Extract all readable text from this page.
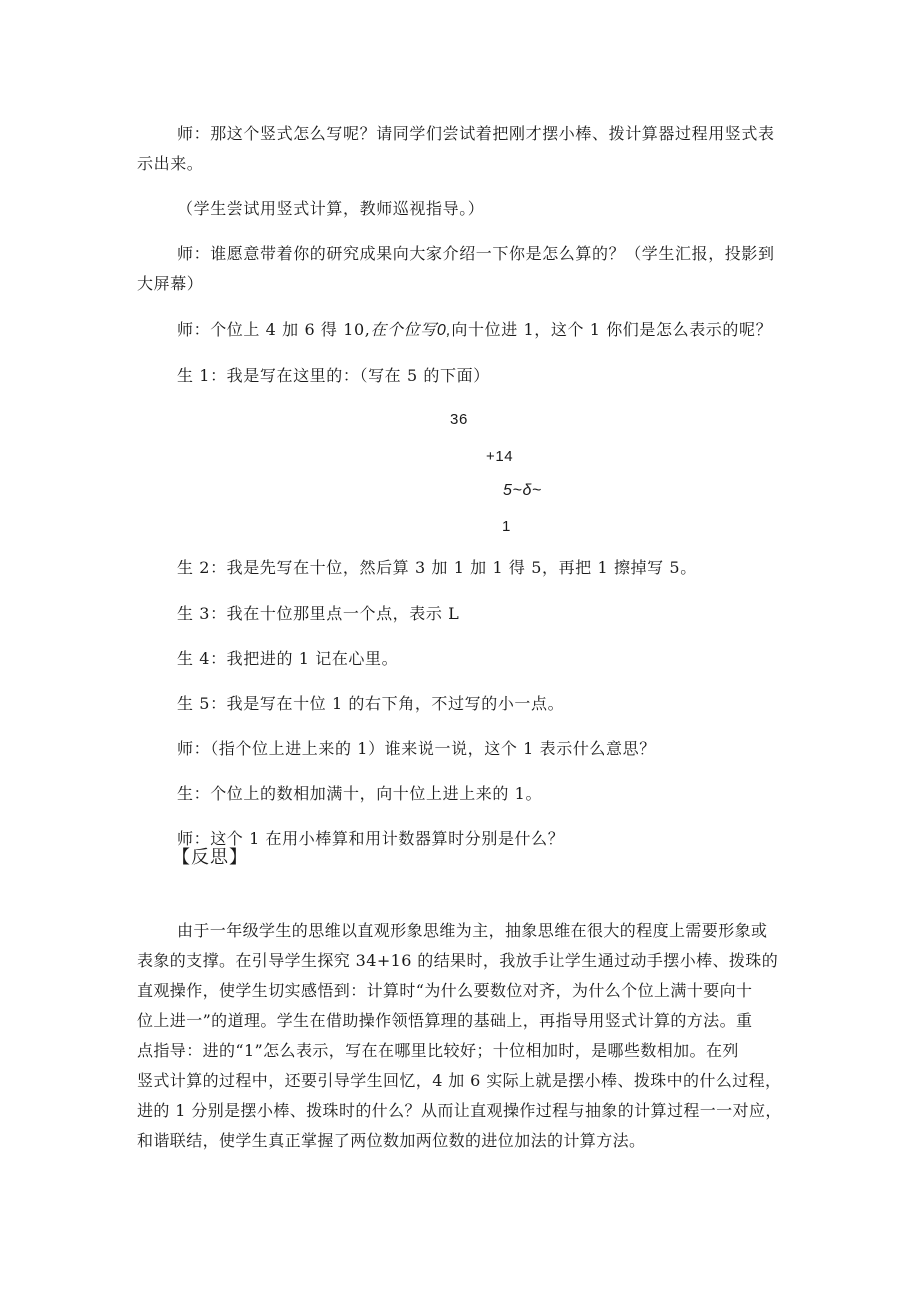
师：那这个竖式怎么写呢？请同学们尝试着把刚才摆小棒、拨计算器过程用竖式表
示出来。
（学生尝试用竖式计算，教师巡视指导。）
师：谁愿意带着你的研究成果向大家介绍一下你是怎么算的？（学生汇报，投影到
大屏幕）
师：个位上 4 加 6 得 10,在个位写0,向十位进 1，这个 1 你们是怎么表示的呢？
生 1：我是写在这里的：（写在 5 的下面）
36
+14
5~δ~
1
生 2：我是先写在十位，然后算 3 加 1 加 1 得 5，再把 1 擦掉写 5。
生 3：我在十位那里点一个点，表示 L
生 4：我把进的 1 记在心里。
生 5：我是写在十位 1 的右下角，不过写的小一点。
师：（指个位上进上来的 1）谁来说一说，这个 1 表示什么意思？
生：个位上的数相加满十，向十位上进上来的 1。
师：这个 1 在用小棒算和用计数器算时分别是什么？
【反思】
由于一年级学生的思维以直观形象思维为主，抽象思维在很大的程度上需要形象或
表象的支撑。在引导学生探究 34+16 的结果时，我放手让学生通过动手摆小棒、拨珠的
直观操作，使学生切实感悟到：计算时“为什么要数位对齐，为什么个位上满十要向十
位上进一”的道理。学生在借助操作领悟算理的基础上，再指导用竖式计算的方法。重
点指导：进的“1”怎么表示，写在在哪里比较好；十位相加时，是哪些数相加。在列
竖式计算的过程中，还要引导学生回忆，4 加 6 实际上就是摆小棒、拨珠中的什么过程，
进的 1 分别是摆小棒、拨珠时的什么？从而让直观操作过程与抽象的计算过程一一对应，
和谐联结，使学生真正掌握了两位数加两位数的进位加法的计算方法。
